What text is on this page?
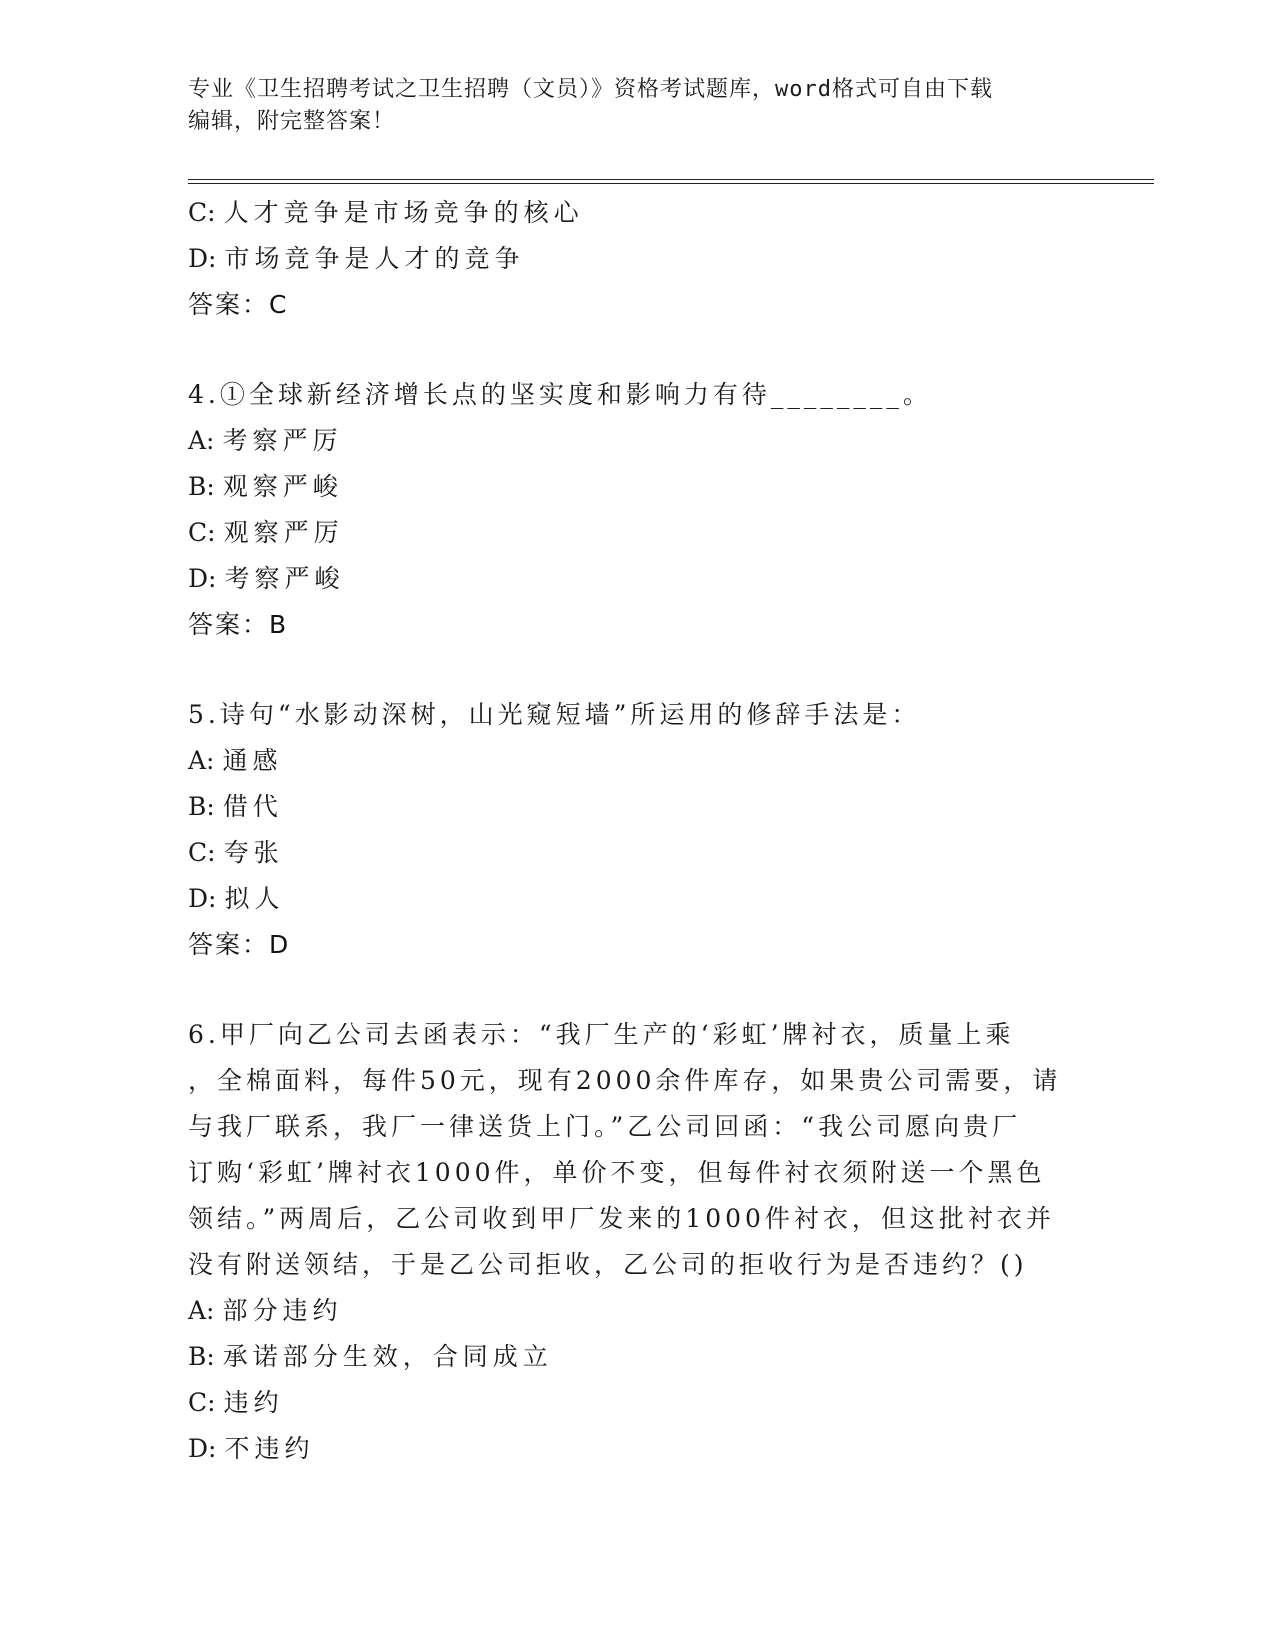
专业《卫生招聘考试之卫生招聘（文员）》资格考试题库，word格式可自由下载
编辑，附完整答案！
C: 人才竞争是市场竞争的核心
D: 市场竞争是人才的竞争
答案：C
4.①全球新经济增长点的坚实度和影响力有待________。
A: 考察严厉
B: 观察严峻
C: 观察严厉
D: 考察严峻
答案：B
5.诗句“水影动深树，山光窥短墙”所运用的修辞手法是：
A: 通感
B: 借代
C: 夸张
D: 拟人
答案：D
6.甲厂向乙公司去函表示：“我厂生产的‘彩虹’牌衬衣，质量上乘
，全棉面料，每件50元，现有2000余件库存，如果贵公司需要，请
与我厂联系，我厂一律送货上门。”乙公司回函：“我公司愿向贵厂
订购‘彩虹’牌衬衣1000件，单价不变，但每件衬衣须附送一个黑色
领结。”两周后，乙公司收到甲厂发来的1000件衬衣，但这批衬衣并
没有附送领结，于是乙公司拒收，乙公司的拒收行为是否违约？()
A: 部分违约
B: 承诺部分生效，合同成立
C: 违约
D: 不违约
